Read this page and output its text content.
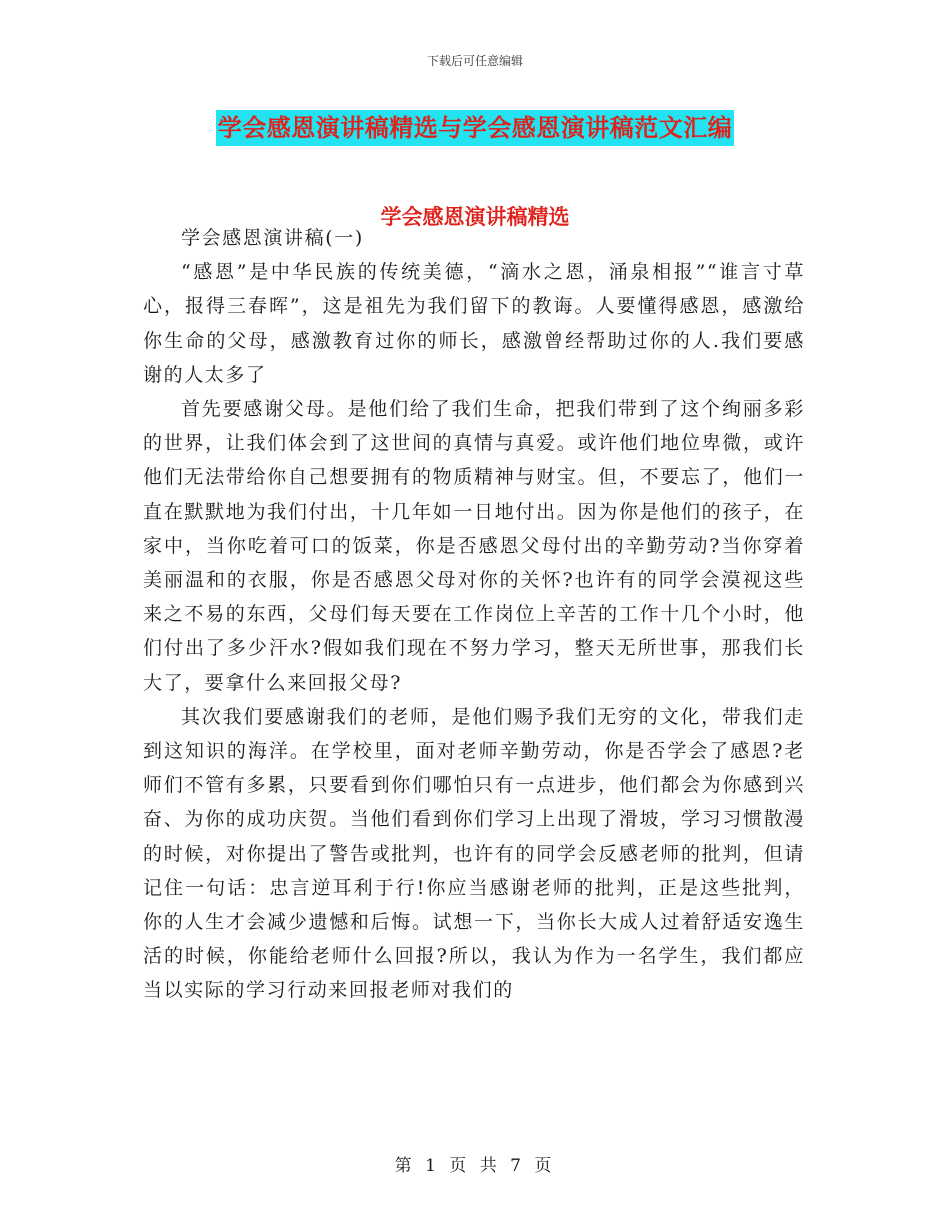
下载后可任意编辑
学会感恩演讲稿精选与学会感恩演讲稿范文汇编
学会感恩演讲稿精选

学会感恩演讲稿(一)

“感恩”是中华民族的传统美德，“滴水之恩，涌泉相报”“谁言寸草心，报得三春晖”，这是祖先为我们留下的教诲。人要懂得感恩，感激给你生命的父母，感激教育过你的师长，感激曾经帮助过你的人.我们要感谢的人太多了

首先要感谢父母。是他们给了我们生命，把我们带到了这个绚丽多彩的世界，让我们体会到了这世间的真情与真爱。或许他们地位卑微，或许他们无法带给你自己想要拥有的物质精神与财宝。但，不要忘了，他们一直在默默地为我们付出，十几年如一日地付出。因为你是他们的孩子，在家中，当你吃着可口的饭菜，你是否感恩父母付出的辛勤劳动?当你穿着美丽温和的衣服，你是否感恩父母对你的关怀?也许有的同学会漠视这些来之不易的东西，父母们每天要在工作岗位上辛苦的工作十几个小时，他们付出了多少汗水?假如我们现在不努力学习，整天无所世事，那我们长大了，要拿什么来回报父母?

其次我们要感谢我们的老师，是他们赐予我们无穷的文化，带我们走到这知识的海洋。在学校里，面对老师辛勤劳动，你是否学会了感恩?老师们不管有多累，只要看到你们哪怕只有一点进步，他们都会为你感到兴奋、为你的成功庆贺。当他们看到你们学习上出现了滑坡，学习习惯散漫的时候，对你提出了警告或批判，也许有的同学会反感老师的批判，但请记住一句话：忠言逆耳利于行!你应当感谢老师的批判，正是这些批判，你的人生才会减少遗憾和后悔。试想一下，当你长大成人过着舒适安逸生活的时候，你能给老师什么回报?所以，我认为作为一名学生，我们都应当以实际的学习行动来回报老师对我们的

第 1 页 共 7 页
